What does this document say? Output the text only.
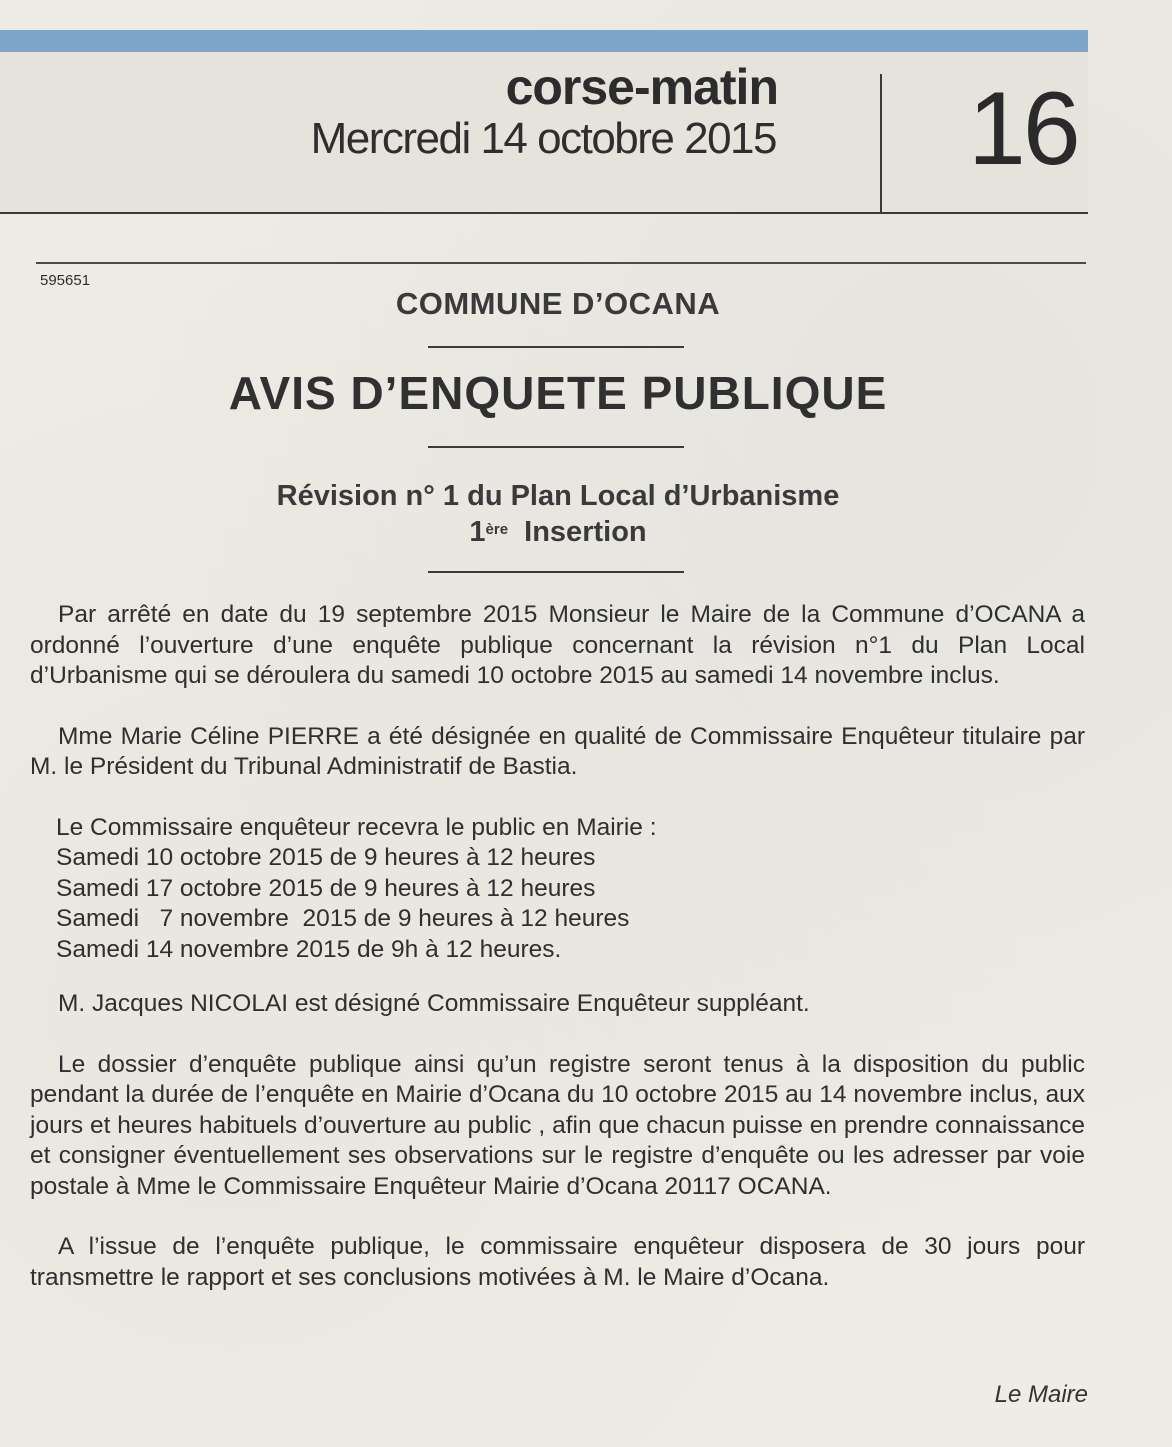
corse-matin
Mercredi 14 octobre 2015 16
595651
COMMUNE D’OCANA
AVIS D’ENQUETE PUBLIQUE
Révision n° 1 du Plan Local d’Urbanisme
1ère  Insertion

Par arrêté en date du 19 septembre 2015 Monsieur le Maire de la Commune d’OCANA a ordonné l’ouverture d’une enquête publique concernant la révision n°1 du Plan Local d’Urbanisme qui se déroulera du samedi 10 octobre 2015 au samedi 14 novembre inclus.

Mme Marie Céline PIERRE a été désignée en qualité de Commissaire Enquêteur titulaire par M. le Président du Tribunal Administratif de Bastia.

Le Commissaire enquêteur recevra le public en Mairie :
Samedi 10 octobre 2015 de 9 heures à 12 heures
Samedi 17 octobre 2015 de 9 heures à 12 heures
Samedi   7 novembre  2015 de 9 heures à 12 heures
Samedi 14 novembre 2015 de 9h à 12 heures.

M. Jacques NICOLAI est désigné Commissaire Enquêteur suppléant.

Le dossier d’enquête publique ainsi qu’un registre seront tenus à la disposition du public pendant la durée de l’enquête en Mairie d’Ocana du 10 octobre 2015 au 14 novembre inclus, aux jours et heures habituels d’ouverture au public , afin que chacun puisse en prendre connaissance et consigner éventuellement ses observations sur le registre d’enquête ou les adresser par voie postale à Mme le Commissaire Enquêteur Mairie d’Ocana 20117 OCANA.

A l’issue de l’enquête publique, le commissaire enquêteur disposera de 30 jours pour transmettre le rapport et ses conclusions motivées à M. le Maire d’Ocana.

Le Maire
